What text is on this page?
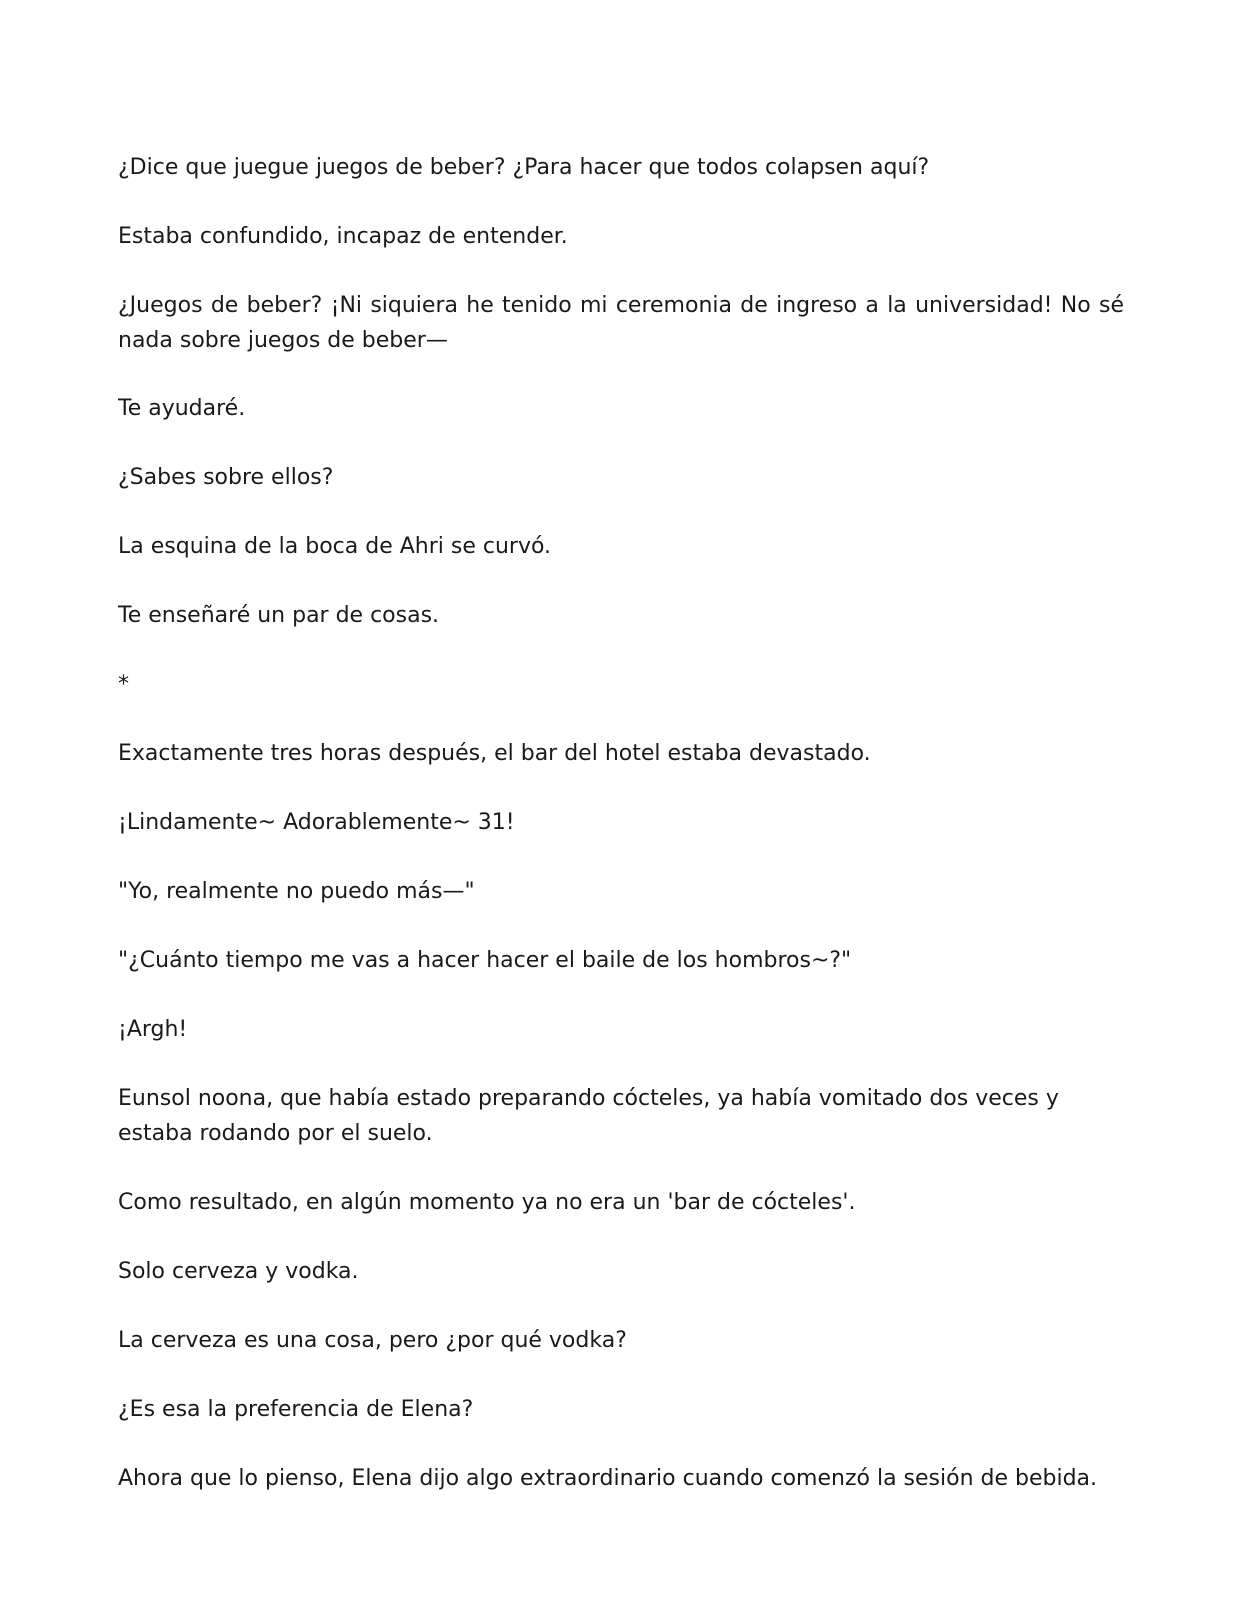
¿Dice que juegue juegos de beber? ¿Para hacer que todos colapsen aquí?

Estaba confundido, incapaz de entender.

¿Juegos de beber? ¡Ni siquiera he tenido mi ceremonia de ingreso a la universidad! No sé nada sobre juegos de beber—

Te ayudaré.

¿Sabes sobre ellos?

La esquina de la boca de Ahri se curvó.

Te enseñaré un par de cosas.

*

Exactamente tres horas después, el bar del hotel estaba devastado.

¡Lindamente~ Adorablemente~ 31!

"Yo, realmente no puedo más—"

"¿Cuánto tiempo me vas a hacer hacer el baile de los hombros~?"

¡Argh!

Eunsol noona, que había estado preparando cócteles, ya había vomitado dos veces y estaba rodando por el suelo.

Como resultado, en algún momento ya no era un 'bar de cócteles'.

Solo cerveza y vodka.

La cerveza es una cosa, pero ¿por qué vodka?

¿Es esa la preferencia de Elena?

Ahora que lo pienso, Elena dijo algo extraordinario cuando comenzó la sesión de bebida.
